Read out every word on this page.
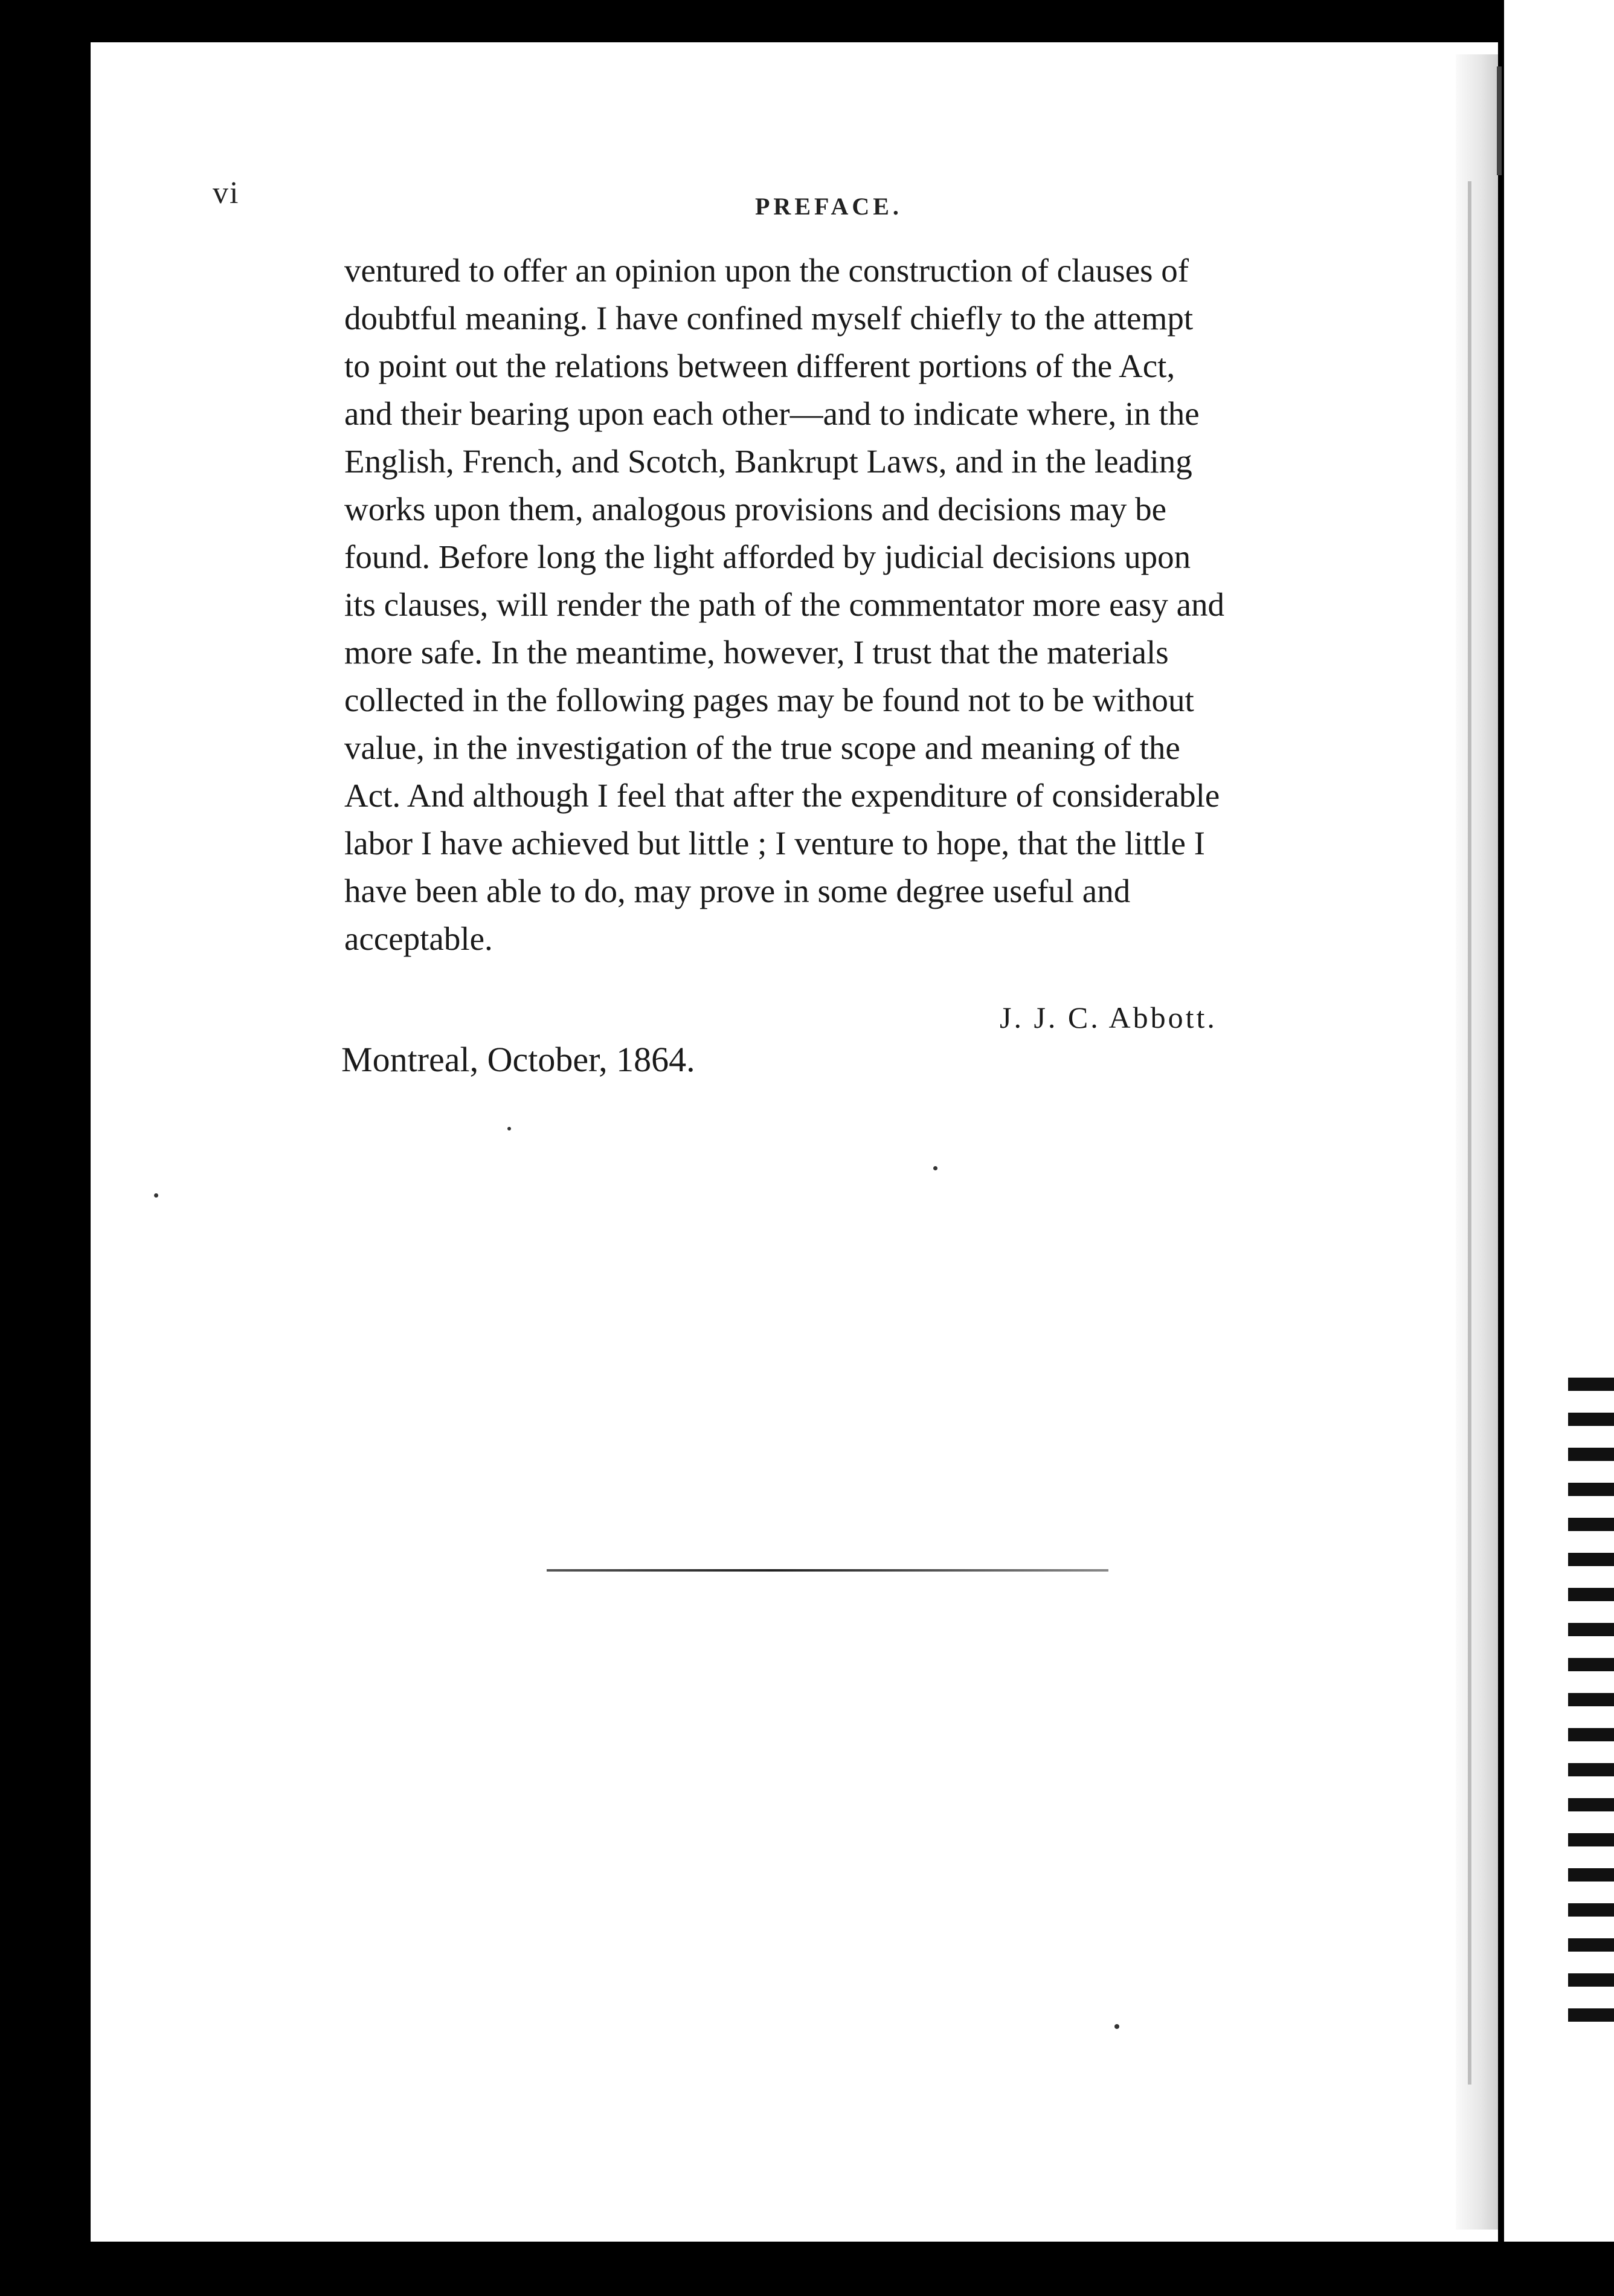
vi	PREFACE.
ventured to offer an opinion upon the construction of clauses of
doubtful meaning. I have confined myself chiefly to the attempt
to point out the relations between different portions of the Act,
and their bearing upon each other—and to indicate where, in the
English, French, and Scotch, Bankrupt Laws, and in the leading
works upon them, analogous provisions and decisions may be
found. Before long the light afforded by judicial decisions upon
its clauses, will render the path of the commentator more easy and
more safe. In the meantime, however, I trust that the materials
collected in the following pages may be found not to be without
value, in the investigation of the true scope and meaning of the
Act. And although I feel that after the expenditure of considerable
labor I have achieved but little ; I venture to hope, that the little I
have been able to do, may prove in some degree useful and
acceptable.
J. J. C. Abbott.
Montreal, October, 1864.
